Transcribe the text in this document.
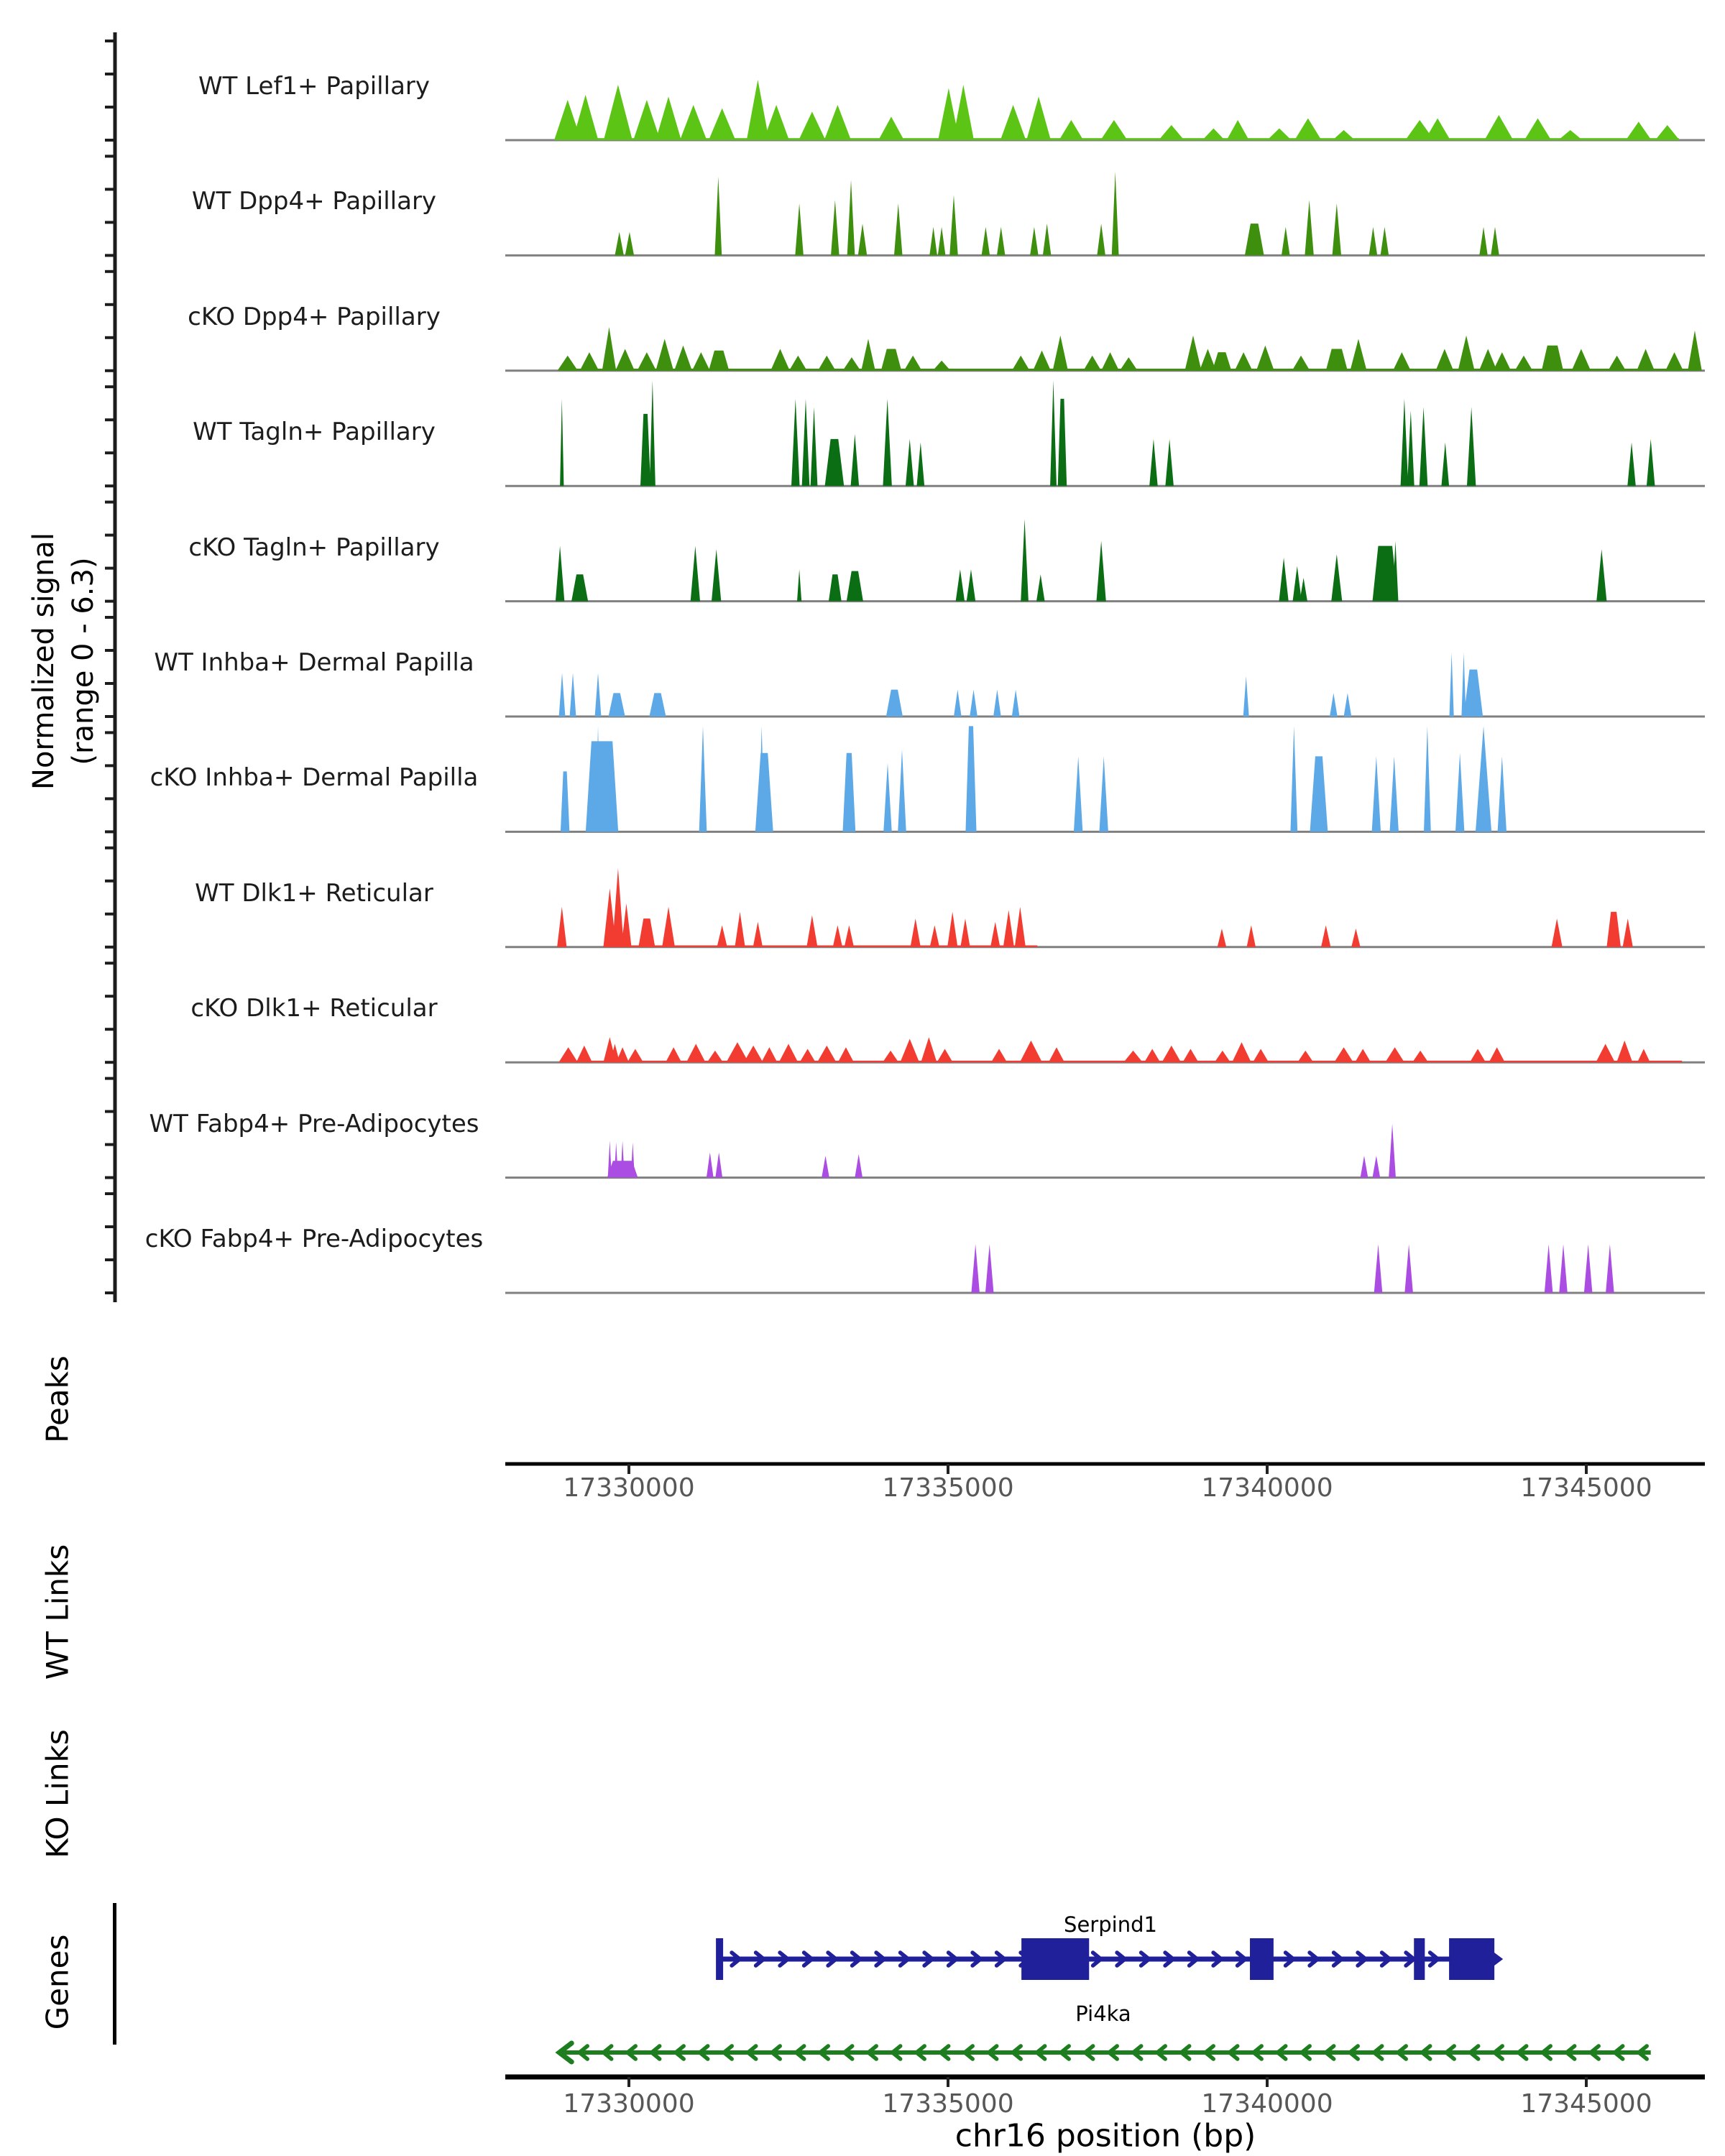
Normalized signal (range 0 - 6.3)
Peaks
WT Links
KO Links
Genes
Serpind1
Pi4ka
chr16 position (bp)
WT Lef1+ Papillary
WT Dpp4+ Papillary
cKO Dpp4+ Papillary
WT Tagln+ Papillary
cKO Tagln+ Papillary
WT Inhba+ Dermal Papilla
cKO Inhba+ Dermal Papilla
WT Dlk1+ Reticular
cKO Dlk1+ Reticular
WT Fabp4+ Pre-Adipocytes
cKO Fabp4+ Pre-Adipocytes
17330000	17335000	17340000	17345000
17330000	17335000	17340000	17345000
